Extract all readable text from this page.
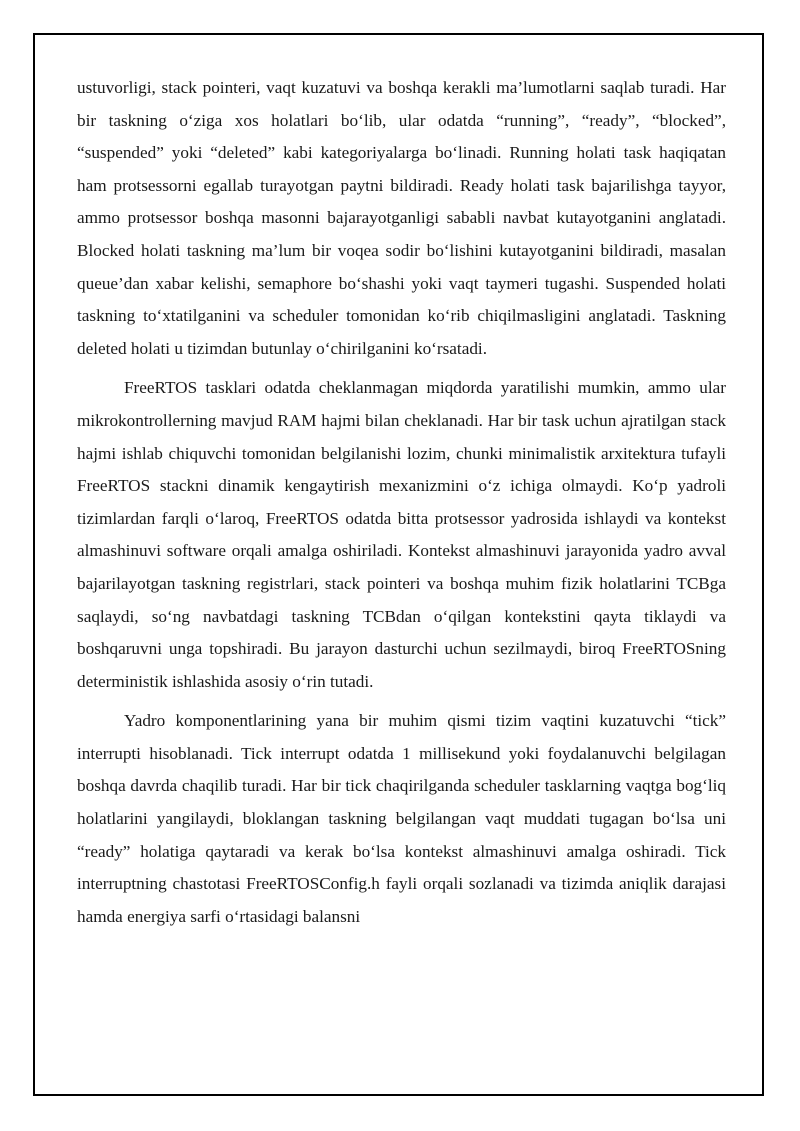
ustuvorligi, stack pointeri, vaqt kuzatuvi va boshqa kerakli ma’lumotlarni saqlab turadi. Har bir taskning o‘ziga xos holatlari bo‘lib, ular odatda “running”, “ready”, “blocked”, “suspended” yoki “deleted” kabi kategoriyalarga bo‘linadi. Running holati task haqiqatan ham protsessorni egallab turayotgan paytni bildiradi. Ready holati task bajarilishga tayyor, ammo protsessor boshqa masonni bajarayotganligi sababli navbat kutayotganini anglatadi. Blocked holati taskning ma’lum bir voqea sodir bo‘lishini kutayotganini bildiradi, masalan queue’dan xabar kelishi, semaphore bo‘shashi yoki vaqt taymeri tugashi. Suspended holati taskning to‘xtatilganini va scheduler tomonidan ko‘rib chiqilmasligini anglatadi. Taskning deleted holati u tizimdan butunlay o‘chirilganini ko‘rsatadi.

FreeRTOS tasklari odatda cheklanmagan miqdorda yaratilishi mumkin, ammo ular mikrokontrollerning mavjud RAM hajmi bilan cheklanadi. Har bir task uchun ajratilgan stack hajmi ishlab chiquvchi tomonidan belgilanishi lozim, chunki minimalistik arxitektura tufayli FreeRTOS stackni dinamik kengaytirish mexanizmini o‘z ichiga olmaydi. Ko‘p yadroli tizimlardan farqli o‘laroq, FreeRTOS odatda bitta protsessor yadrosida ishlaydi va kontekst almashinuvi software orqali amalga oshiriladi. Kontekst almashinuvi jarayonida yadro avval bajarilayotgan taskning registrlari, stack pointeri va boshqa muhim fizik holatlarini TCBga saqlaydi, so‘ng navbatdagi taskning TCBdan o‘qilgan kontekstini qayta tiklaydi va boshqaruvni unga topshiradi. Bu jarayon dasturchi uchun sezilmaydi, biroq FreeRTOSning deterministik ishlashida asosiy o‘rin tutadi.

Yadro komponentlarining yana bir muhim qismi tizim vaqtini kuzatuvchi “tick” interrupti hisoblanadi. Tick interrupt odatda 1 millisekund yoki foydalanuvchi belgilagan boshqa davrda chaqilib turadi. Har bir tick chaqirilganda scheduler tasklarning vaqtga bog‘liq holatlarini yangilaydi, bloklangan taskning belgilangan vaqt muddati tugagan bo‘lsa uni “ready” holatiga qaytaradi va kerak bo‘lsa kontekst almashinuvi amalga oshiradi. Tick interruptning chastotasi FreeRTOSConfig.h fayli orqali sozlanadi va tizimda aniqlik darajasi hamda energiya sarfi o‘rtasidagi balansni
